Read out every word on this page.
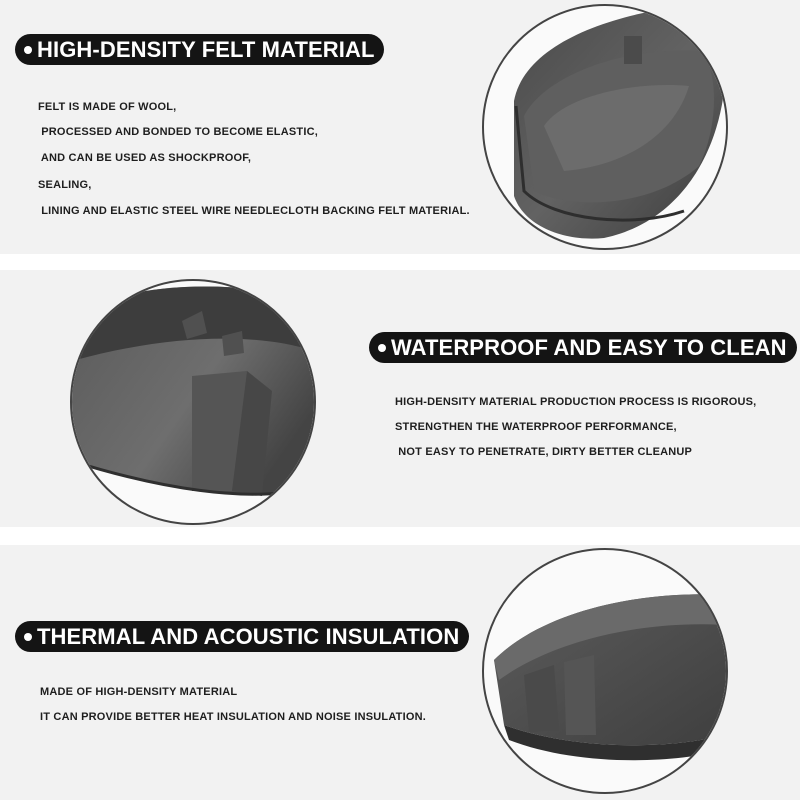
HIGH-DENSITY FELT MATERIAL
FELT IS MADE OF WOOL,
PROCESSED AND BONDED TO BECOME ELASTIC,
AND CAN BE USED AS SHOCKPROOF,
SEALING,
LINING AND ELASTIC STEEL WIRE NEEDLECLOTH BACKING FELT MATERIAL.
WATERPROOF AND EASY TO CLEAN
HIGH-DENSITY MATERIAL PRODUCTION PROCESS IS RIGOROUS,
STRENGTHEN THE WATERPROOF PERFORMANCE,
NOT EASY TO PENETRATE, DIRTY BETTER CLEANUP
THERMAL AND ACOUSTIC INSULATION
MADE OF HIGH-DENSITY MATERIAL
IT CAN PROVIDE BETTER HEAT INSULATION AND NOISE INSULATION.
